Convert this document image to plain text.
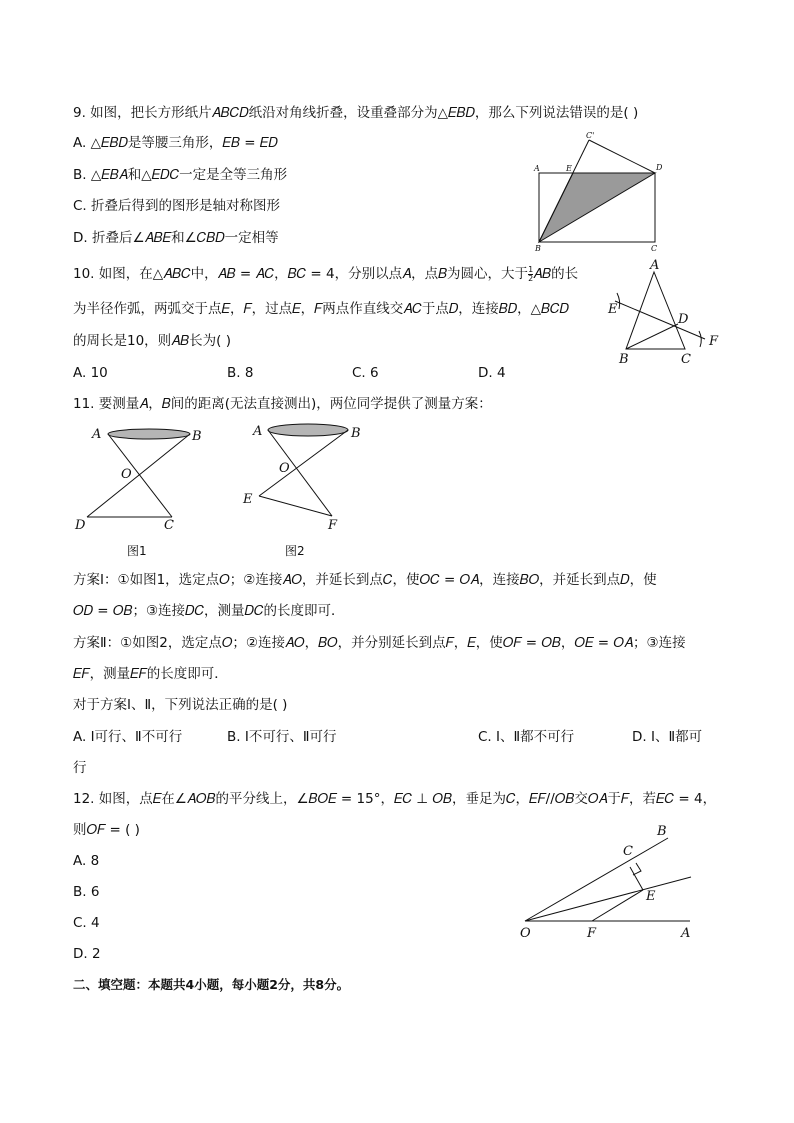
9. 如图，把长方形纸片𝐴𝐵𝐶𝐷纸沿对角线折叠，设重叠部分为△𝐸𝐵𝐷，那么下列说法错误的是( )
A. △𝐸𝐵𝐷是等腰三角形，𝐸𝐵 = 𝐸𝐷
B. △𝐸𝐵𝐴和△𝐸𝐷𝐶一定是全等三角形
C. 折叠后得到的图形是轴对称图形
D. 折叠后∠𝐴𝐵𝐸和∠𝐶𝐵𝐷一定相等
C'
A	E	D
B	C
10. 如图，在△𝐴𝐵𝐶中，𝐴𝐵 = 𝐴𝐶，𝐵𝐶 = 4，分别以点𝐴，点𝐵为圆心，大于 $\frac{1}{2}$ 𝐴𝐵的长
为半径作弧，两弧交于点𝐸，𝐹，过点𝐸，𝐹两点作直线交𝐴𝐶于点𝐷，连接𝐵𝐷，△𝐵𝐶𝐷
的周长是10，则𝐴𝐵长为( )
A. 10	B. 8	C. 6	D. 4
A
E
D
F
B	C
11. 要测量𝐴，𝐵间的距离(无法直接测出)，两位同学提供了测量方案：
A	B
O
D	C
图1
A	B
O
E
F
图2
方案Ⅰ：①如图1，选定点𝑂；②连接𝐴𝑂，并延长到点𝐶，使𝑂𝐶 = 𝑂𝐴，连接𝐵𝑂，并延长到点𝐷，使
𝑂𝐷 = 𝑂𝐵；③连接𝐷𝐶，测量𝐷𝐶的长度即可．
方案Ⅱ：①如图2，选定点𝑂；②连接𝐴𝑂，𝐵𝑂，并分别延长到点𝐹，𝐸，使𝑂𝐹 = 𝑂𝐵，𝑂𝐸 = 𝑂𝐴；③连接
𝐸𝐹，测量𝐸𝐹的长度即可．
对于方案Ⅰ、Ⅱ，下列说法正确的是( )
A. Ⅰ可行、Ⅱ不可行	B. Ⅰ不可行、Ⅱ可行	C. Ⅰ、Ⅱ都不可行	D. Ⅰ、Ⅱ都可
行
12. 如图，点𝐸在∠𝐴𝑂𝐵的平分线上，∠𝐵𝑂𝐸 = 15°，𝐸𝐶 ⊥ 𝑂𝐵，垂足为𝐶，𝐸𝐹//𝑂𝐵交𝑂𝐴于𝐹，若𝐸𝐶 = 4，
则𝑂𝐹 = ( )
A. 8
B. 6
C. 4
D. 2
B
C
E
O	F	A
二、填空题：本题共4小题，每小题2分，共8分。
